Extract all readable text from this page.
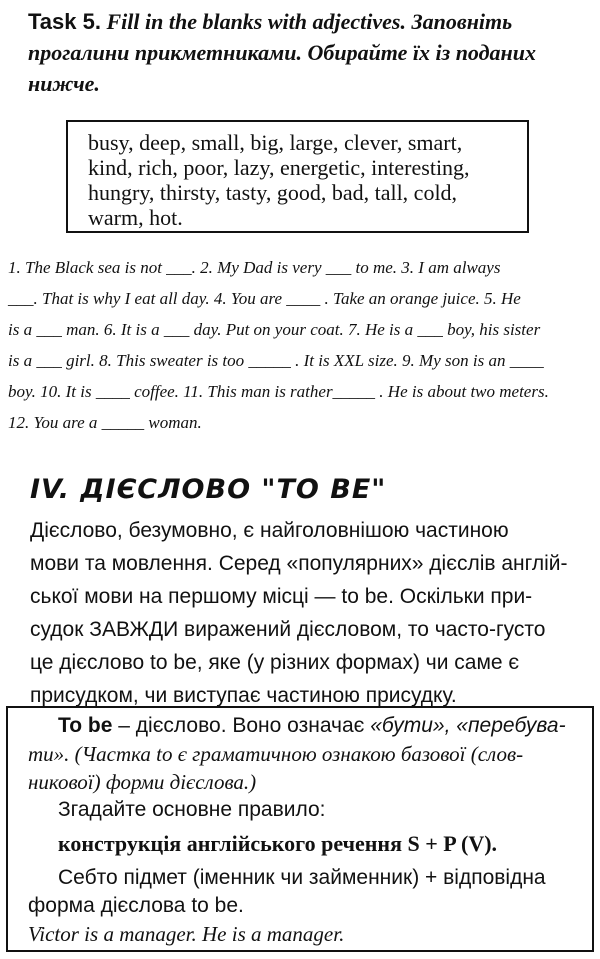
Task 5. Fill in the blanks with adjectives. Заповніть
прогалини прикметниками. Обирайте їх із поданих
нижче.
busy, deep, small, big, large, clever, smart,
kind, rich, poor, lazy, energetic, interesting,
hungry, thirsty, tasty, good, bad, tall, cold,
warm, hot.
1. The Black sea is not ___. 2. My Dad is very ___ to me. 3. I am always
___. That is why I eat all day. 4. You are ____ . Take an orange juice. 5. He
is a ___ man. 6. It is a ___ day. Put on your coat. 7. He is a ___ boy, his sister
is a ___ girl. 8. This sweater is too _____ . It is XXL size. 9. My son is an ____
boy. 10. It is ____ coffee. 11. This man is rather_____ . He is about two meters.
12. You are a _____ woman.
IV. ДІЄСЛОВО "TO BE"
Дієслово, безумовно, є найголовнішою частиною
мови та мовлення. Серед «популярних» дієслів англій-
ської мови на першому місці — to be. Оскільки при-
судок ЗАВЖДИ виражений дієсловом, то часто-густо
це дієслово to be, яке (у різних формах) чи саме є
присудком, чи виступає частиною присудку.
To be – дієслово. Воно означає «бути», «перебува-
ти». (Частка to є граматичною ознакою базової (слов-
никової) форми дієслова.)
Згадайте основне правило:
конструкція англійського речення S + P (V).
Себто підмет (іменник чи займенник) + відповідна
форма дієслова to be.
Victor is a manager. He is a manager.
